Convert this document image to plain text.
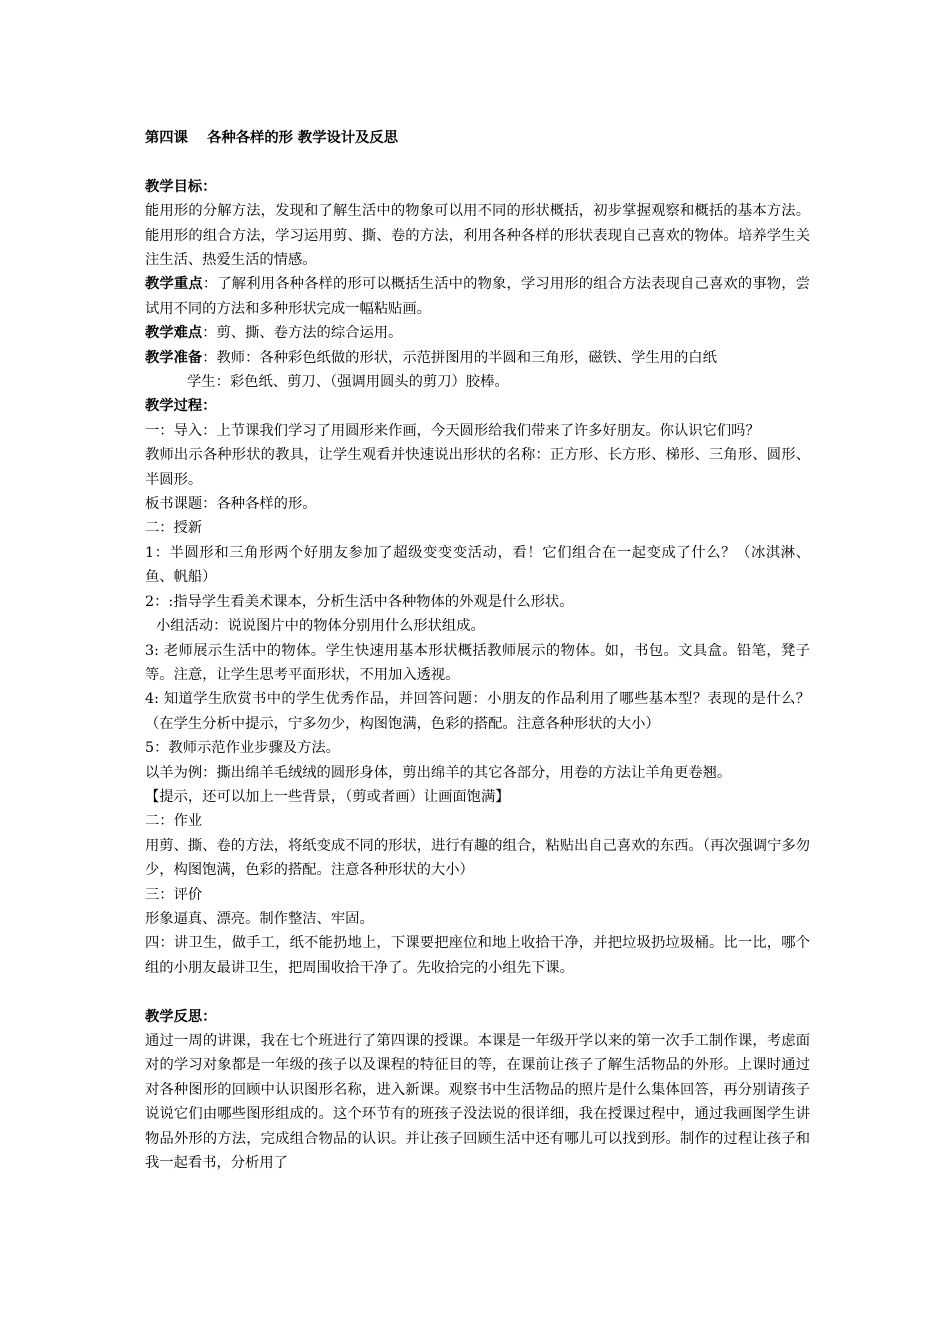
第四课　 各种各样的形 教学设计及反思

教学目标：

能用形的分解方法，发现和了解生活中的物象可以用不同的形状概括，初步掌握观察和概括的基本方法。能用形的组合方法，学习运用剪、撕、卷的方法，利用各种各样的形状表现自己喜欢的物体。培养学生关注生活、热爱生活的情感。

教学重点：了解利用各种各样的形可以概括生活中的物象，学习用形的组合方法表现自己喜欢的事物，尝试用不同的方法和多种形状完成一幅粘贴画。

教学难点：剪、撕、卷方法的综合运用。

教学准备：教师：各种彩色纸做的形状，示范拼图用的半圆和三角形，磁铁、学生用的白纸

学生：彩色纸、剪刀、（强调用圆头的剪刀）胶棒。

教学过程：

一：导入：上节课我们学习了用圆形来作画，今天圆形给我们带来了许多好朋友。你认识它们吗？

教师出示各种形状的教具，让学生观看并快速说出形状的名称：正方形、长方形、梯形、三角形、圆形、半圆形。

板书课题：各种各样的形。

二：授新

1：半圆形和三角形两个好朋友参加了超级变变变活动，看！它们组合在一起变成了什么？（冰淇淋、鱼、帆船）

2：:指导学生看美术课本，分析生活中各种物体的外观是什么形状。

小组活动：说说图片中的物体分别用什么形状组成。

3: 老师展示生活中的物体。学生快速用基本形状概括教师展示的物体。如，书包。文具盒。铅笔，凳子等。注意，让学生思考平面形状，不用加入透视。

4: 知道学生欣赏书中的学生优秀作品，并回答问题：小朋友的作品利用了哪些基本型？表现的是什么？（在学生分析中提示，宁多勿少，构图饱满，色彩的搭配。注意各种形状的大小）

5：教师示范作业步骤及方法。

以羊为例：撕出绵羊毛绒绒的圆形身体，剪出绵羊的其它各部分，用卷的方法让羊角更卷翘。

【提示，还可以加上一些背景，（剪或者画）让画面饱满】

二：作业

用剪、撕、卷的方法，将纸变成不同的形状，进行有趣的组合，粘贴出自己喜欢的东西。（再次强调宁多勿少，构图饱满，色彩的搭配。注意各种形状的大小）

三：评价

形象逼真、漂亮。制作整洁、牢固。

四：讲卫生，做手工，纸不能扔地上，下课要把座位和地上收拾干净，并把垃圾扔垃圾桶。比一比，哪个组的小朋友最讲卫生，把周围收拾干净了。先收拾完的小组先下课。

教学反思：

通过一周的讲课，我在七个班进行了第四课的授课。本课是一年级开学以来的第一次手工制作课，考虑面对的学习对象都是一年级的孩子以及课程的特征目的等，在课前让孩子了解生活物品的外形。上课时通过对各种图形的回顾中认识图形名称，进入新课。观察书中生活物品的照片是什么集体回答，再分别请孩子说说它们由哪些图形组成的。这个环节有的班孩子没法说的很详细，我在授课过程中，通过我画图学生讲物品外形的方法，完成组合物品的认识。并让孩子回顾生活中还有哪儿可以找到形。制作的过程让孩子和我一起看书，分析用了
